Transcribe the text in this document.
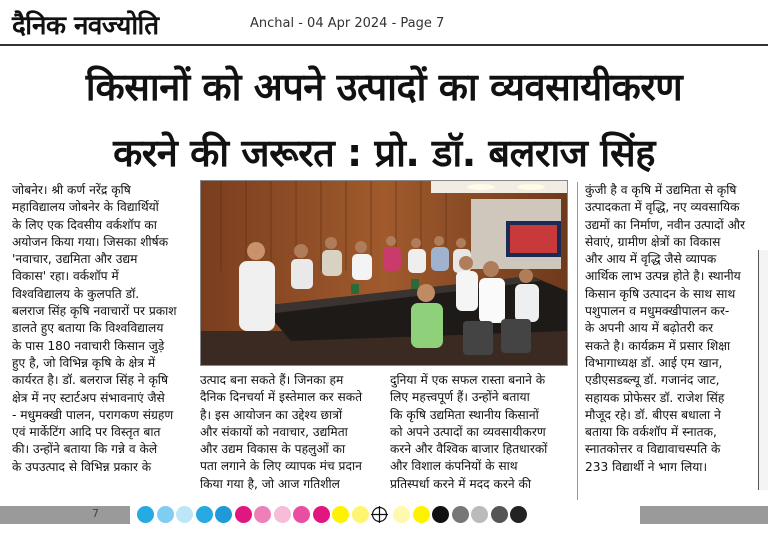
दैनिक नवज्योति	Anchal - 04 Apr 2024 - Page 7
किसानों को अपने उत्पादों का व्यवसायीकरण
करने की जरूरत : प्रो. डॉ. बलराज सिंह
जोबनेर। श्री कर्ण नरेंद्र कृषि
महाविद्यालय जोबनेर के विद्यार्थियों
के लिए एक दिवसीय वर्कशॉप का
अयोजन किया गया। जिसका शीर्षक
'नवाचार, उद्यमिता और उद्यम
विकास' रहा। वर्कशॉप में
विश्वविद्यालय के कुलपति डॉ.
बलराज सिंह कृषि नवाचारों पर प्रकाश
डालते हुए बताया कि विश्वविद्यालय
के पास 180 नवाचारी किसान जुड़े
हुए है, जो विभिन्न कृषि के क्षेत्र में
कार्यरत है। डॉ. बलराज सिंह ने कृषि
क्षेत्र में नए स्टार्टअप संभावनाएं जैसे
- मधुमक्खी पालन, परागकण संग्रहण
एवं मार्केटिंग आदि पर विस्तृत बात
की। उन्होंने बताया कि गन्ने व केले
के उपउत्पाद से विभिन्न प्रकार के
उत्पाद बना सकते हैं। जिनका हम
दैनिक दिनचर्या में इस्तेमाल कर सकते
है। इस आयोजन का उद्देश्य छात्रों
और संकायों को नवाचार, उद्यमिता
और उद्यम विकास के पहलुओं का
पता लगाने के लिए व्यापक मंच प्रदान
किया गया है, जो आज गतिशील
दुनिया में एक सफल रास्ता बनाने के
लिए महत्त्वपूर्ण हैं। उन्होंने बताया
कि कृषि उद्यमिता स्थानीय किसानों
को अपने उत्पादों का व्यवसायीकरण
करने और वैश्विक बाजार हितधारकों
और विशाल कंपनियों के साथ
प्रतिस्पर्धा करने में मदद करने की
कुंजी है व कृषि में उद्यमिता से कृषि
उत्पादकता में वृद्धि, नए व्यवसायिक
उद्यमों का निर्माण, नवीन उत्पादों और
सेवाएं, ग्रामीण क्षेत्रों का विकास
और आय में वृद्धि जैसे व्यापक
आर्थिक लाभ उत्पन्न होते है। स्थानीय
किसान कृषि उत्पादन के साथ साथ
पशुपालन व मधुमक्खीपालन कर-
के अपनी आय में बढ़ोतरी कर
सकते है। कार्यक्रम में प्रसार शिक्षा
विभागाध्यक्ष डॉ. आई एम खान,
एडीएसडब्ल्यू डॉ. गजानंद जाट,
सहायक प्रोफेसर डॉ. राजेश सिंह
मौजूद रहे। डॉ. बीएस बधाला ने
बताया कि वर्कशॉप में स्नातक,
स्नातकोत्तर व विद्यावाचस्पति के
233 विद्यार्थी ने भाग लिया।
7
